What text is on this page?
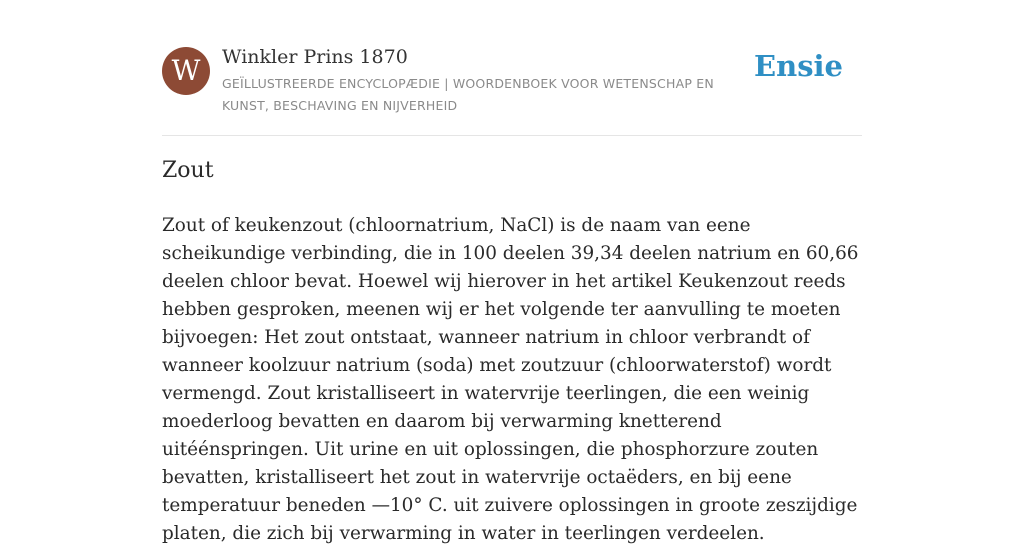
W	Winkler Prins 1870
GEÏLLUSTREERDE ENCYCLOPÆDIE | WOORDENBOEK VOOR WETENSCHAP EN KUNST, BESCHAVING EN NIJVERHEID
Ensie
Zout

Zout of keukenzout (chloornatrium, NaCl) is de naam van eene scheikundige verbinding, die in 100 deelen 39,34 deelen natrium en 60,66 deelen chloor bevat. Hoewel wij hierover in het artikel Keukenzout reeds hebben gesproken, meenen wij er het volgende ter aanvulling te moeten bijvoegen: Het zout ontstaat, wanneer natrium in chloor verbrandt of wanneer koolzuur natrium (soda) met zoutzuur (chloorwaterstof) wordt vermengd. Zout kristalliseert in watervrije teerlingen, die een weinig moederloog bevatten en daarom bij verwarming knetterend uitéénspringen. Uit urine en uit oplossingen, die phosphorzure zouten bevatten, kristalliseert het zout in watervrije octaëders, en bij eene temperatuur beneden —10° C. uit zuivere oplossingen in groote zeszijdige platen, die zich bij verwarming in water in teerlingen verdeelen.
